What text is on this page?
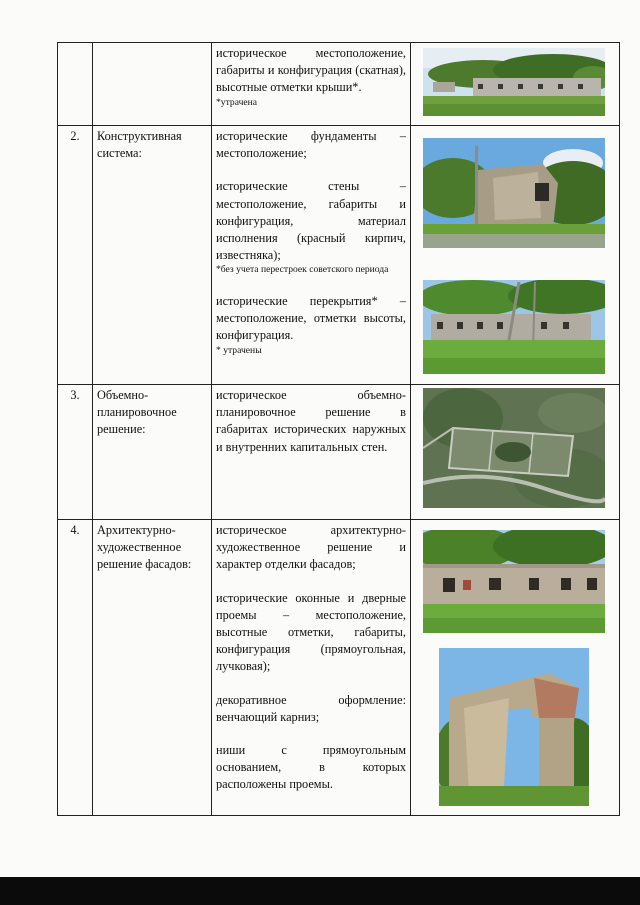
		историческое местоположение, габариты и конфигурация (скатная), высотные отметки крыши*.

*утрачена

2.	Конструктивная система:	исторические фундаменты – местоположение;

исторические стены – местоположение, габариты и конфигурация, материал исполнения (красный кирпич, известняка);

*без учета перестроек советского периода

исторические перекрытия* – местоположение, отметки высоты, конфигурация.

* утрачены

3.	Объемно-планировочное решение:	историческое объемно-планировочное решение в габаритах исторических наружных и внутренних капитальных стен.

4.	Архитектурно-художественное решение фасадов:	историческое архитектурно-художественное решение и характер отделки фасадов;

исторические оконные и дверные проемы – местоположение, высотные отметки, габариты, конфигурация (прямоугольная, лучковая);

декоративное оформление: венчающий карниз;

ниши с прямоугольным основанием, в которых расположены проемы.
